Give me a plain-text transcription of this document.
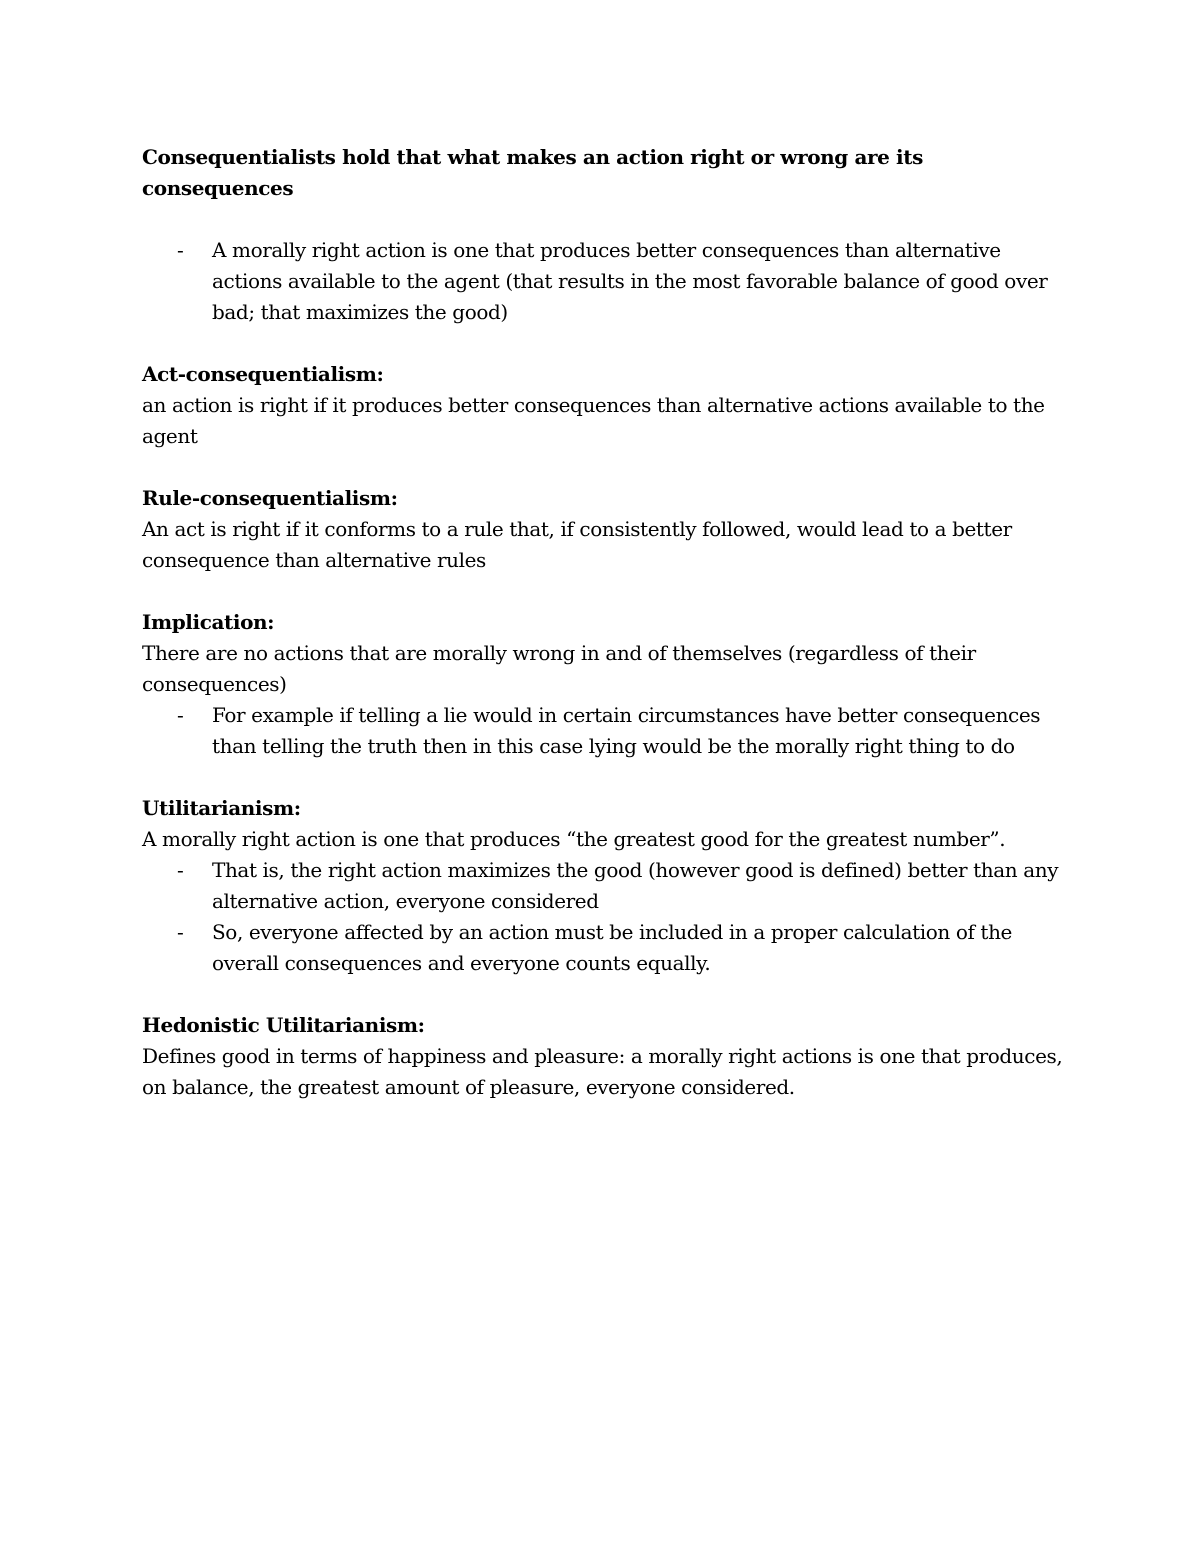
Consequentialists hold that what makes an action right or wrong are its consequences

- A morally right action is one that produces better consequences than alternative actions available to the agent (that results in the most favorable balance of good over bad; that maximizes the good)

Act-consequentialism:

an action is right if it produces better consequences than alternative actions available to the agent

Rule-consequentialism:

An act is right if it conforms to a rule that, if consistently followed, would lead to a better consequence than alternative rules

Implication:

There are no actions that are morally wrong in and of themselves (regardless of their consequences)

- For example if telling a lie would in certain circumstances have better consequences than telling the truth then in this case lying would be the morally right thing to do

Utilitarianism:

A morally right action is one that produces “the greatest good for the greatest number”.

- That is, the right action maximizes the good (however good is defined) better than any alternative action, everyone considered
- So, everyone affected by an action must be included in a proper calculation of the overall consequences and everyone counts equally.

Hedonistic Utilitarianism:

Defines good in terms of happiness and pleasure: a morally right actions is one that produces, on balance, the greatest amount of pleasure, everyone considered.
